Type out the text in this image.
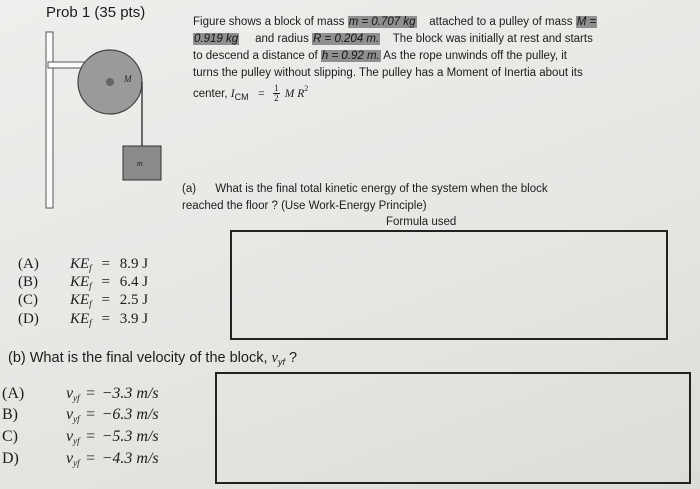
Prob 1 (35 pts)
M
m
Figure shows a block of mass m = 0.707 kg attached to a pulley of mass M =
0.919 kg and radius R = 0.204 m. The block was initially at rest and starts
to descend a distance of h = 0.92 m. As the rope unwinds off the pulley, it
turns the pulley without slipping. The pulley has a Moment of Inertia about its
center, $I_{CM} = \frac{1}{2}$ M $R^2$
(a) What is the final total kinetic energy of the system when the block
reached the floor ? (Use Work-Energy Principle)
Formula used
(A) $KE_f = 8.9$ J
(B) $KE_f = 6.4$ J
(C) $KE_f = 2.5$ J
(D) $KE_f = 3.9$ J
(b) What is the final velocity of the block, $v_{yf}$ ?
(A)	$v_{yf} = -3.3$ m/s
B)	$v_{yf} = -6.3$ m/s
C)	$v_{yf} = -5.3$ m/s
D)	$v_{yf} = -4.3$ m/s
